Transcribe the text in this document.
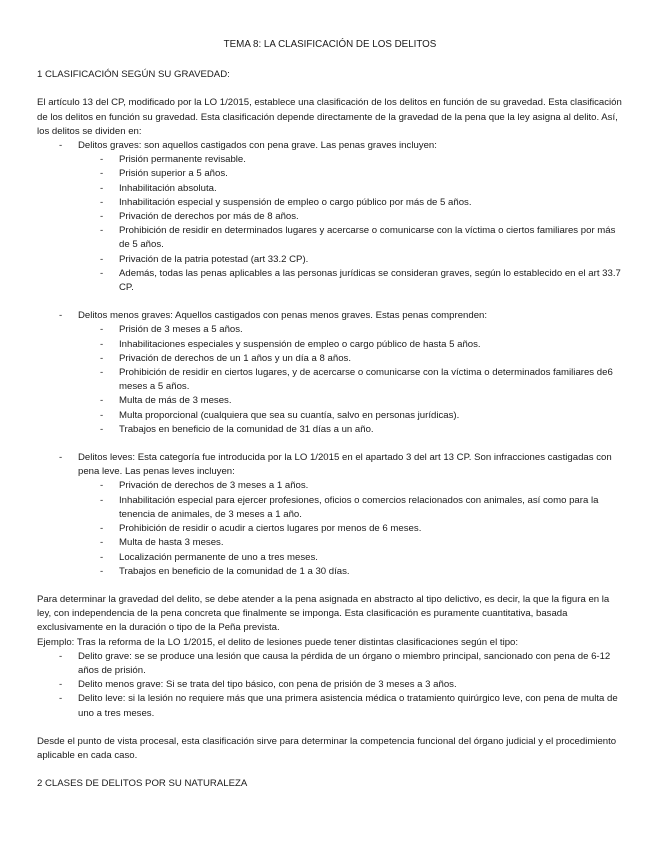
TEMA 8: LA CLASIFICACIÓN DE LOS DELITOS

1 CLASIFICACIÓN SEGÚN SU GRAVEDAD:

El artículo 13 del CP, modificado por la LO 1/2015, establece una clasificación de los delitos en función de su gravedad. Esta clasificación de los delitos en función su gravedad. Esta clasificación depende directamente de la gravedad de la pena que la ley asigna al delito. Así, los delitos se dividen en:

- Delitos graves: son aquellos castigados con pena grave. Las penas graves incluyen:
- Prisión permanente revisable.
- Prisión superior a 5 años.
- Inhabilitación absoluta.
- Inhabilitación especial y suspensión de empleo o cargo público por más de 5 años.
- Privación de derechos por más de 8 años.
- Prohibición de residir en determinados lugares y acercarse o comunicarse con la víctima o ciertos familiares por más de 5 años.
- Privación de la patria potestad (art 33.2 CP).
- Además, todas las penas aplicables a las personas jurídicas se consideran graves, según lo establecido en el art 33.7 CP.
- Delitos menos graves: Aquellos castigados con penas menos graves. Estas penas comprenden:
- Prisión de 3 meses a 5 años.
- Inhabilitaciones especiales y suspensión de empleo o cargo público de hasta 5 años.
- Privación de derechos de un 1 años y un día a 8 años.
- Prohibición de residir en ciertos lugares, y de acercarse o comunicarse con la víctima o determinados familiares de6 meses a 5 años.
- Multa de más de 3 meses.
- Multa proporcional (cualquiera que sea su cuantía, salvo en personas jurídicas).
- Trabajos en beneficio de la comunidad de 31 días a un año.
- Delitos leves: Esta categoría fue introducida por la LO 1/2015 en el apartado 3 del art 13 CP. Son infracciones castigadas con pena leve. Las penas leves incluyen:
- Privación de derechos de 3 meses a 1 años.
- Inhabilitación especial para ejercer profesiones, oficios o comercios relacionados con animales, así como para la tenencia de animales, de 3 meses a 1 año.
- Prohibición de residir o acudir a ciertos lugares por menos de 6 meses.
- Multa de hasta 3 meses.
- Localización permanente de uno a tres meses.
- Trabajos en beneficio de la comunidad de 1 a 30 días.

Para determinar la gravedad del delito, se debe atender a la pena asignada en abstracto al tipo delictivo, es decir, la que la figura en la ley, con independencia de la pena concreta que finalmente se imponga. Esta clasificación es puramente cuantitativa, basada exclusivamente en la duración o tipo de la Peña prevista.

Ejemplo: Tras la reforma de la LO 1/2015, el delito de lesiones puede tener distintas clasificaciones según el tipo:

- Delito grave: se se produce una lesión que causa la pérdida de un órgano o miembro principal, sancionado con pena de 6-12 años de prisión.
- Delito menos grave: Si se trata del tipo básico, con pena de prisión de 3 meses a 3 años.
- Delito leve: si la lesión no requiere más que una primera asistencia médica o tratamiento quirúrgico leve, con pena de multa de uno a tres meses.

Desde el punto de vista procesal, esta clasificación sirve para determinar la competencia funcional del órgano judicial y el procedimiento aplicable en cada caso.

2 CLASES DE DELITOS POR SU NATURALEZA
